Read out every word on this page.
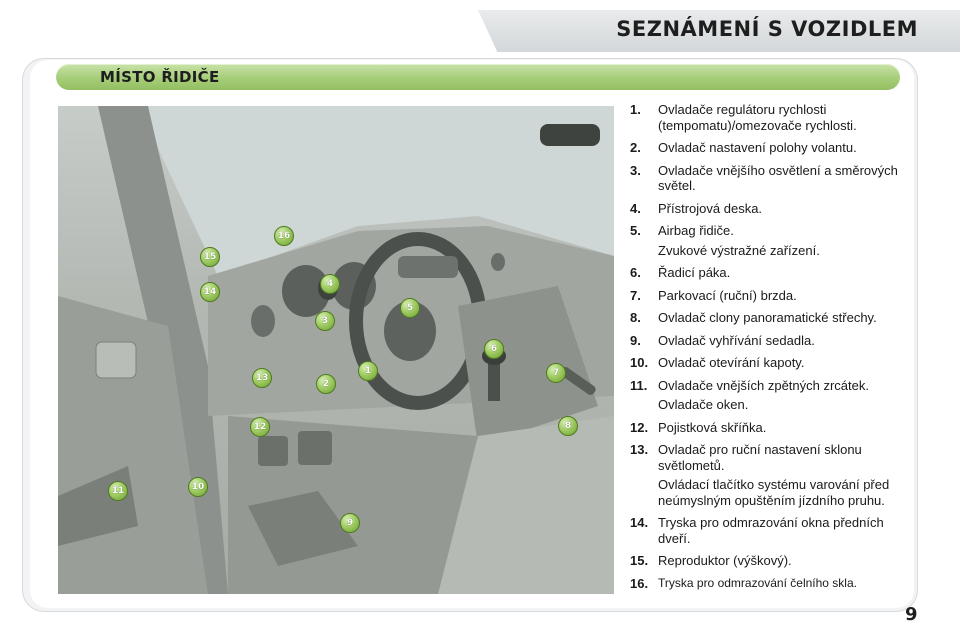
SEZNÁMENÍ S VOZIDLEM
MÍSTO ŘIDIČE
16
15
14
4
3
5
6
13
2
1	7
12	8
11	10
9
1.	Ovladače regulátoru rychlosti (tempomatu)/omezovače rychlosti.
2.	Ovladač nastavení polohy volantu.
3.	Ovladače vnějšího osvětlení a směrových světel.
4.	Přístrojová deska.
5.	Airbag řidiče.
Zvukové výstražné zařízení.
6.	Řadicí páka.
7.	Parkovací (ruční) brzda.
8.	Ovladač clony panoramatické střechy.
9.	Ovladač vyhřívání sedadla.
10. Ovladač otevírání kapoty.
11. Ovladače vnějších zpětných zrcátek.
Ovladače oken.
12. Pojistková skříňka.
13. Ovladač pro ruční nastavení sklonu světlometů.
Ovládací tlačítko systému varování před neúmyslným opuštěním jízdního pruhu.
14. Tryska pro odmrazování okna předních dveří.
15. Reproduktor (výškový).
16. Tryska pro odmrazování čelního skla.
9
